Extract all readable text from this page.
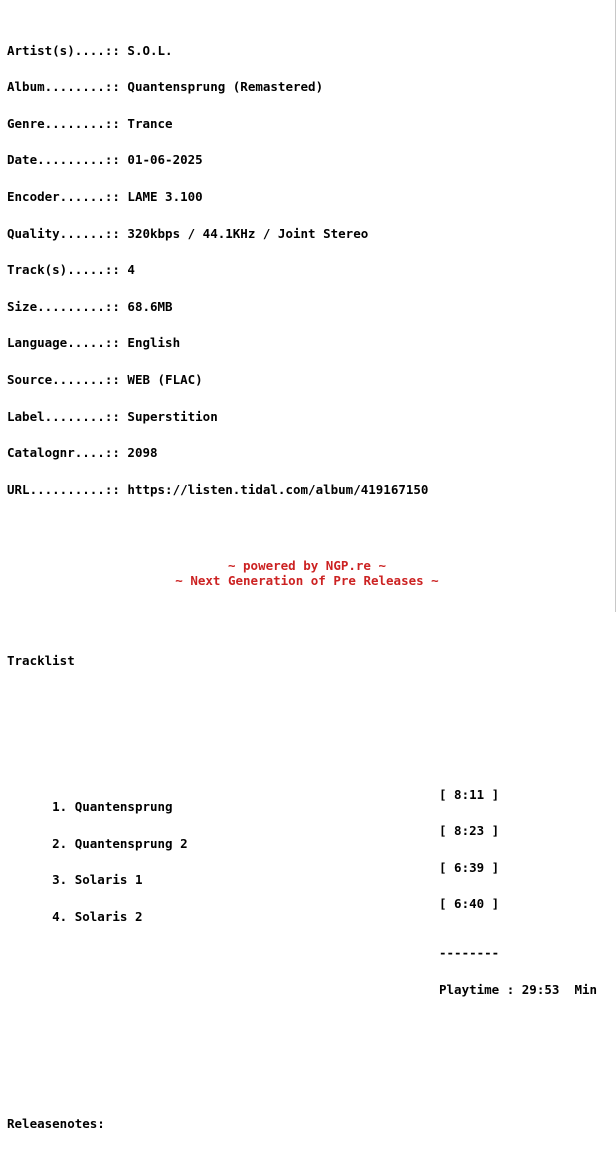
Artist(s)....:: S.O.L.

Album........:: Quantensprung (Remastered)

Genre........:: Trance

Date.........:: 01-06-2025

Encoder......:: LAME 3.100

Quality......:: 320kbps / 44.1KHz / Joint Stereo

Track(s).....:: 4

Size.........:: 68.6MB

Language.....:: English

Source.......:: WEB (FLAC)

Label........:: Superstition

Catalognr....:: 2098

URL..........:: https://listen.tidal.com/album/419167150

Tracklist

1. Quantensprung

[ 8:11 ]

2. Quantensprung 2

[ 8:23 ]

3. Solaris 1

[ 6:39 ]

4. Solaris 2

[ 6:40 ]

--------

Playtime : 29:53  Min

Releasenotes:

~ powered by NGP.re ~
~ Next Generation of Pre Releases ~
